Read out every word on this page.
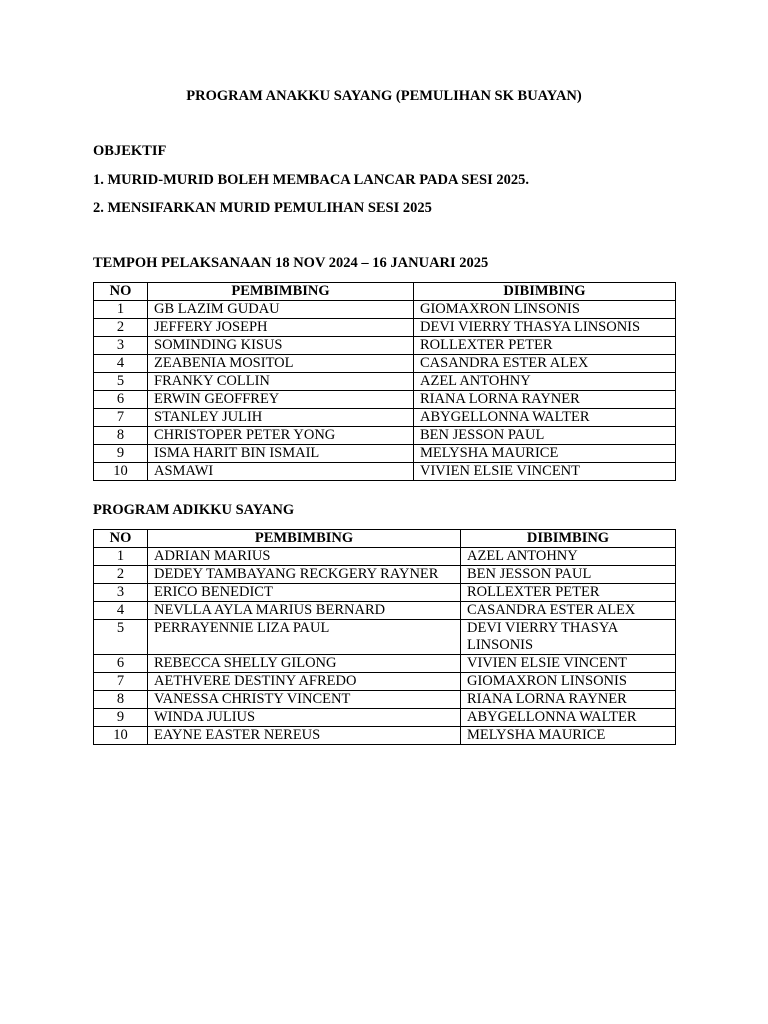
PROGRAM ANAKKU SAYANG (PEMULIHAN SK BUAYAN)

OBJEKTIF

1. MURID-MURID BOLEH MEMBACA LANCAR PADA SESI 2025.

2. MENSIFARKAN MURID PEMULIHAN SESI 2025

TEMPOH PELAKSANAAN 18 NOV 2024 – 16 JANUARI 2025

NO	PEMBIMBING	DIBIMBING
1	GB LAZIM GUDAU	GIOMAXRON LINSONIS
2	JEFFERY JOSEPH	DEVI VIERRY THASYA LINSONIS
3	SOMINDING KISUS	ROLLEXTER PETER
4	ZEABENIA MOSITOL	CASANDRA ESTER ALEX
5	FRANKY COLLIN	AZEL ANTOHNY
6	ERWIN GEOFFREY	RIANA LORNA RAYNER
7	STANLEY JULIH	ABYGELLONNA WALTER
8	CHRISTOPER PETER YONG	BEN JESSON PAUL
9	ISMA HARIT BIN ISMAIL	MELYSHA MAURICE
10	ASMAWI	VIVIEN ELSIE VINCENT

PROGRAM ADIKKU SAYANG

NO	PEMBIMBING	DIBIMBING
1	ADRIAN MARIUS	AZEL ANTOHNY
2	DEDEY TAMBAYANG RECKGERY RAYNER	BEN JESSON PAUL
3	ERICO BENEDICT	ROLLEXTER PETER
4	NEVLLA AYLA MARIUS BERNARD	CASANDRA ESTER ALEX
5	PERRAYENNIE LIZA PAUL	DEVI VIERRY THASYA LINSONIS
6	REBECCA SHELLY GILONG	VIVIEN ELSIE VINCENT
7	AETHVERE DESTINY AFREDO	GIOMAXRON LINSONIS
8	VANESSA CHRISTY VINCENT	RIANA LORNA RAYNER
9	WINDA JULIUS	ABYGELLONNA WALTER
10	EAYNE EASTER NEREUS	MELYSHA MAURICE
